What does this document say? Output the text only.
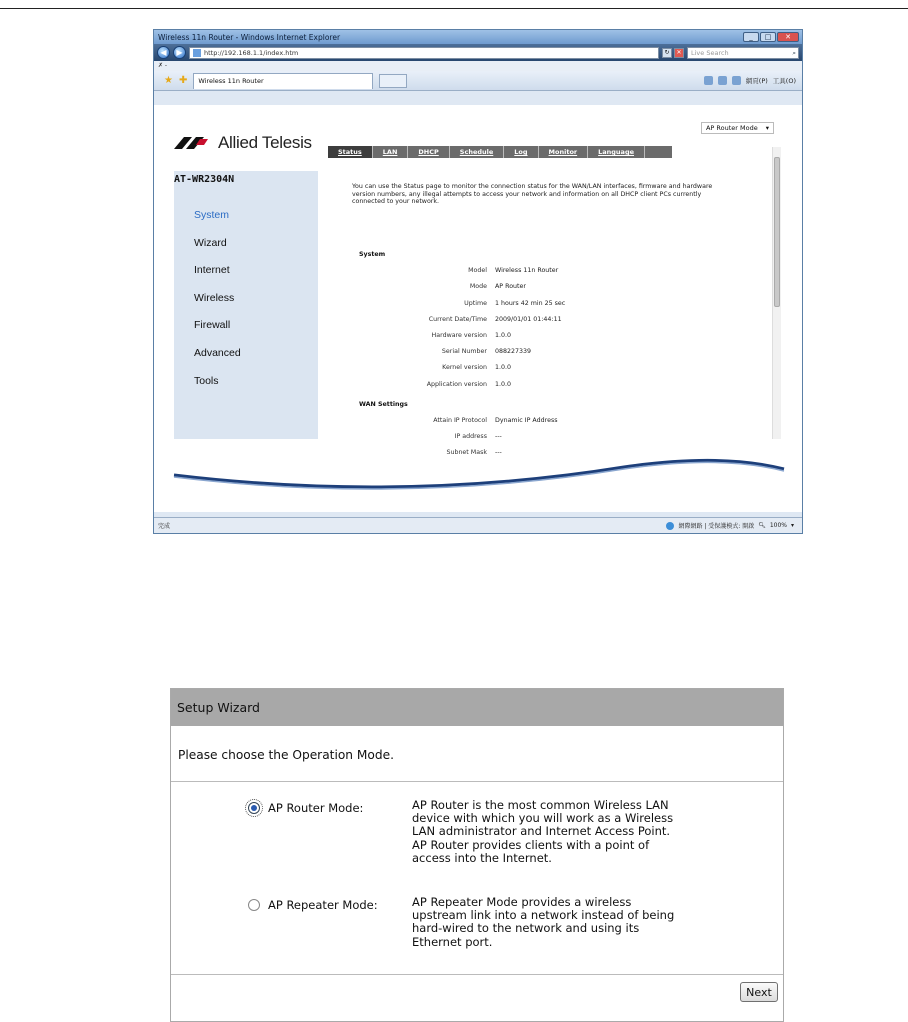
Wireless 11n Router - Windows Internet Explorer	_	□	✕
◀	▶	http://192.168.1.1/index.htm	↻	✕	Live Search	⌕
✗ -
★ ✚ Wireless 11n Router	網頁(P) 工具(O)
Allied Telesis
AP Router Mode ▾
Status	LAN	DHCP	Schedule	Log	Monitor	Language
AT-WR2304N
System
Wizard
Internet
Wireless
Firewall
Advanced
Tools
You can use the Status page to monitor the connection status for the WAN/LAN interfaces, firmware and hardware version numbers, any illegal attempts to access your network and information on all DHCP client PCs currently connected to your network.
System
Model	Wireless 11n Router
Mode	AP Router
Uptime	1 hours 42 min 25 sec
Current Date/Time	2009/01/01 01:44:11
Hardware version	1.0.0
Serial Number	088227339
Kernel version	1.0.0
Application version	1.0.0
WAN Settings
Attain IP Protocol	Dynamic IP Address
IP address	---
Subnet Mask	---
完成	網際網路 | 受保護模式: 開啟 🔍︎ 100% ▾
Setup Wizard
Please choose the Operation Mode.
AP Router Mode:	AP Router is the most common Wireless LAN
device with which you will work as a Wireless
LAN administrator and Internet Access Point.
AP Router provides clients with a point of
access into the Internet.
AP Repeater Mode:	AP Repeater Mode provides a wireless
upstream link into a network instead of being
hard-wired to the network and using its
Ethernet port.
Next
